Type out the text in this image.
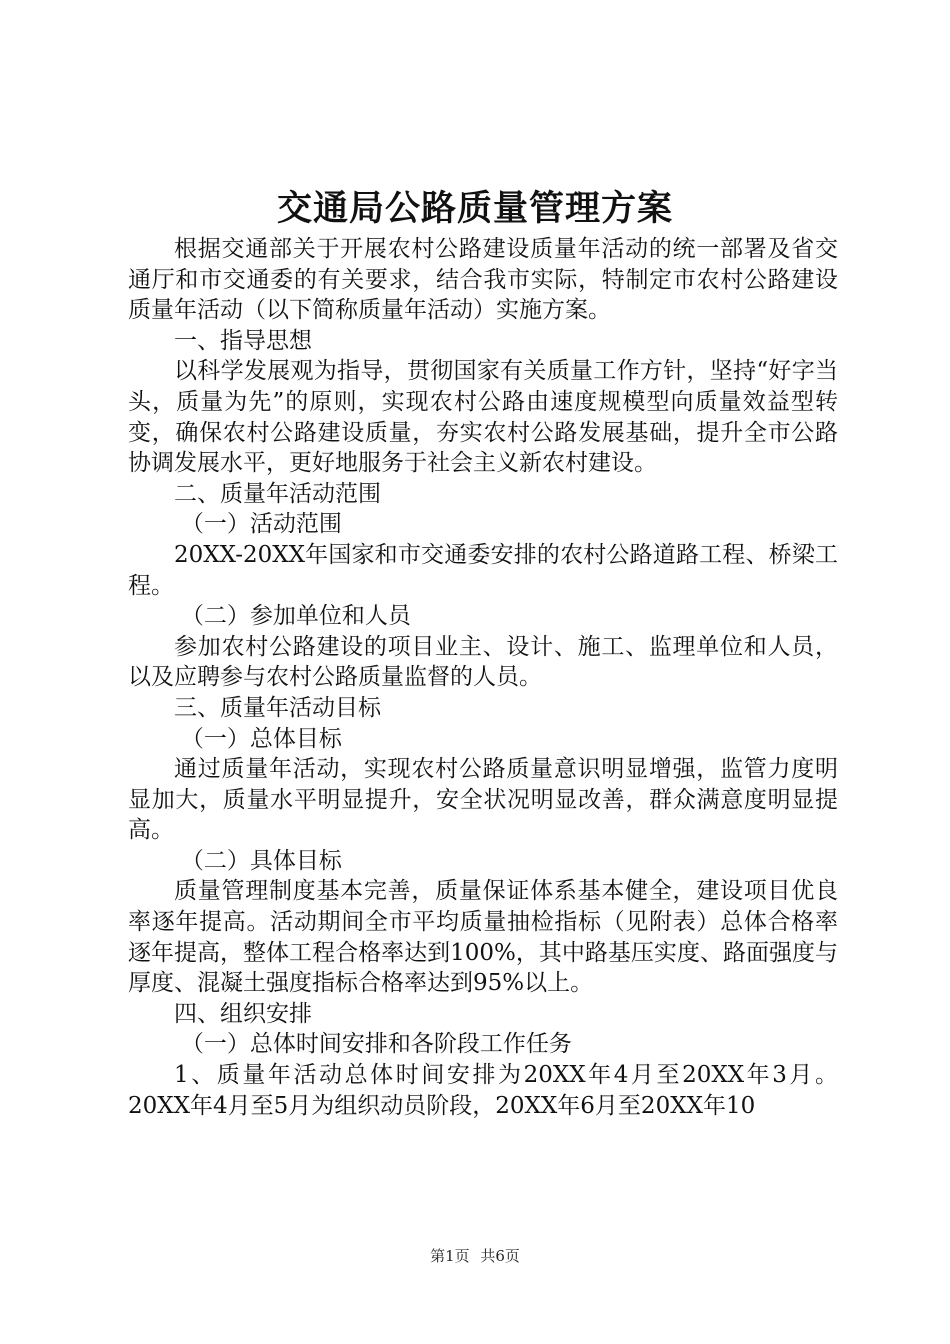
交通局公路质量管理方案

根据交通部关于开展农村公路建设质量年活动的统一部署及省交通厅和市交通委的有关要求，结合我市实际，特制定市农村公路建设质量年活动（以下简称质量年活动）实施方案。

一、指导思想

以科学发展观为指导，贯彻国家有关质量工作方针，坚持“好字当头，质量为先”的原则，实现农村公路由速度规模型向质量效益型转变，确保农村公路建设质量，夯实农村公路发展基础，提升全市公路协调发展水平，更好地服务于社会主义新农村建设。

二、质量年活动范围

（一）活动范围

20XX-20XX年国家和市交通委安排的农村公路道路工程、桥梁工程。

（二）参加单位和人员

参加农村公路建设的项目业主、设计、施工、监理单位和人员，以及应聘参与农村公路质量监督的人员。

三、质量年活动目标

（一）总体目标

通过质量年活动，实现农村公路质量意识明显增强，监管力度明显加大，质量水平明显提升，安全状况明显改善，群众满意度明显提高。

（二）具体目标

质量管理制度基本完善，质量保证体系基本健全，建设项目优良率逐年提高。活动期间全市平均质量抽检指标（见附表）总体合格率逐年提高，整体工程合格率达到100%，其中路基压实度、路面强度与厚度、混凝土强度指标合格率达到95%以上。

四、组织安排

（一）总体时间安排和各阶段工作任务

1、质量年活动总体时间安排为20XX年4月至20XX年3月。20XX年4月至5月为组织动员阶段，20XX年6月至20XX年10

第1页 共6页
